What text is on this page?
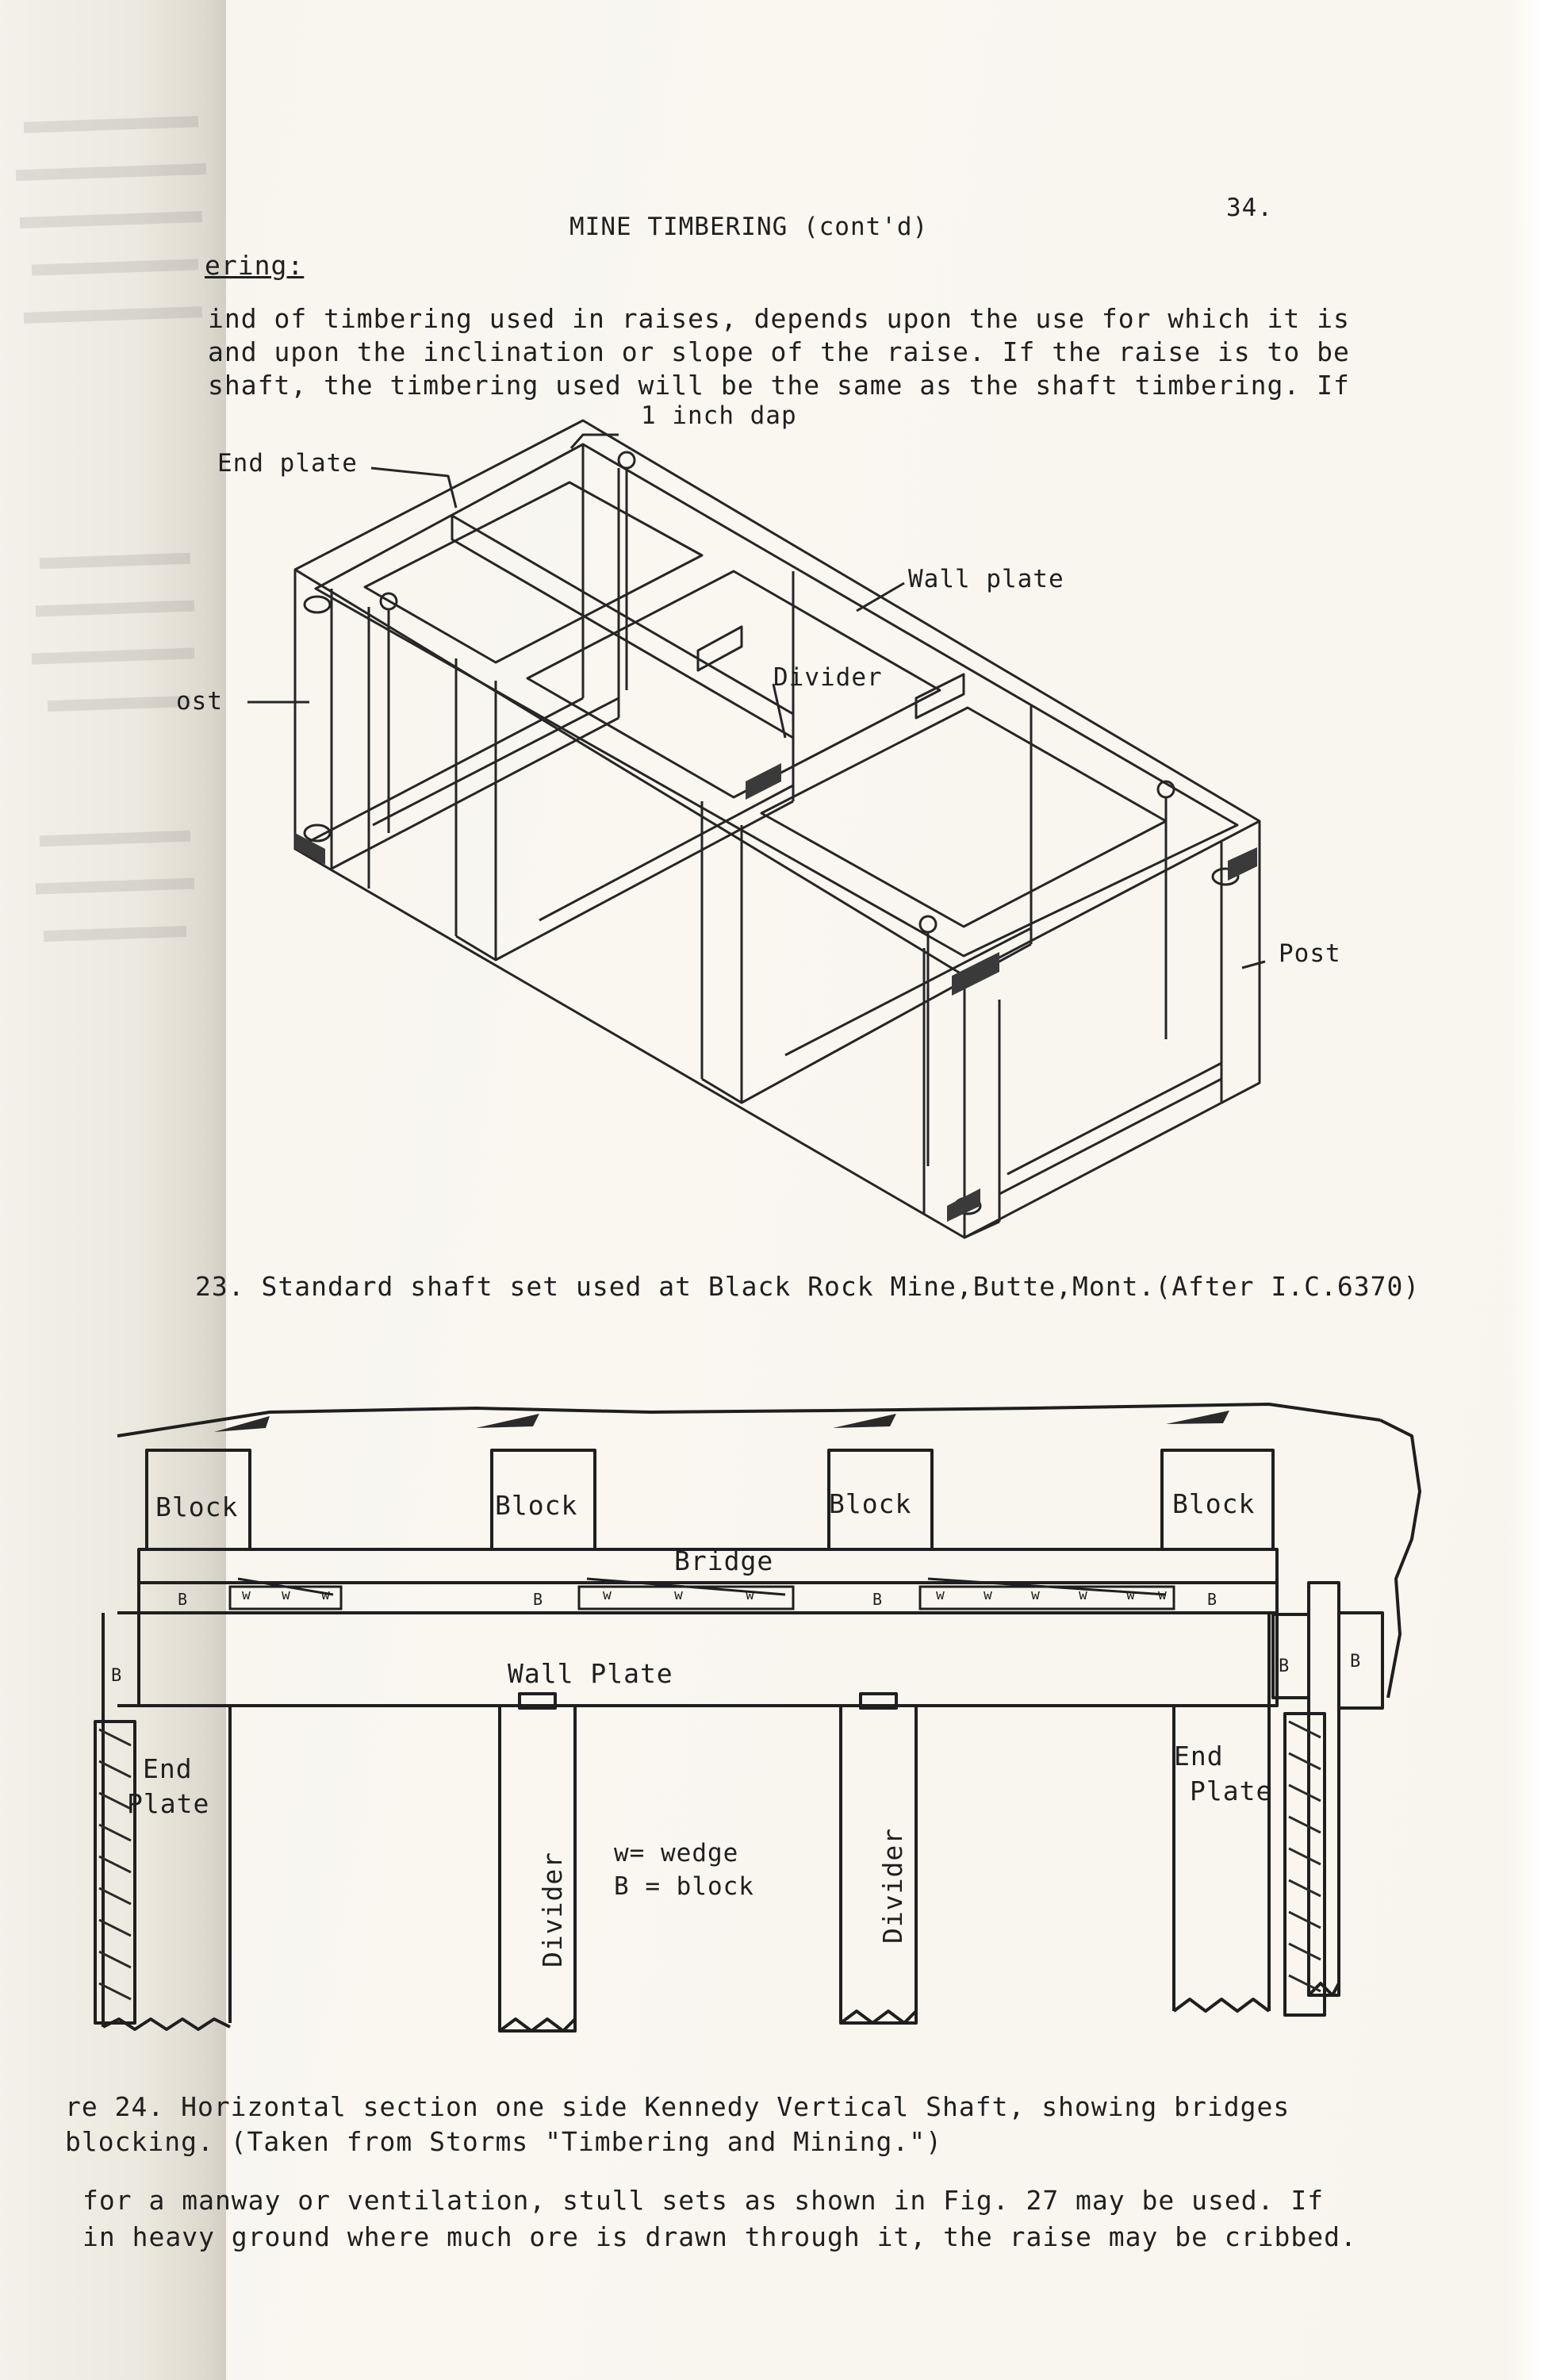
MINE TIMBERING (cont'd)
34.
ering:
ind of timbering used in raises, depends upon the use for which it is
and upon the inclination or slope of the raise. If the raise is to be
shaft, the timbering used will be the same as the shaft timbering. If
1 inch dap
End plate
Wall plate
Divider
ost
Post
23. Standard shaft set used at Black Rock Mine,Butte,Mont.(After I.C.6370)
Block	Block	Block	Block
Bridge
B	B	B	B
B	B	B
w w w	w	w	w	w	w	w	w	w w
Wall Plate
End
Plate
End
Plate
Divider	Divider
w= wedge
B = block
re 24. Horizontal section one side Kennedy Vertical Shaft, showing bridges
blocking. (Taken from Storms "Timbering and Mining.")
for a manway or ventilation, stull sets as shown in Fig. 27 may be used. If
in heavy ground where much ore is drawn through it, the raise may be cribbed.
